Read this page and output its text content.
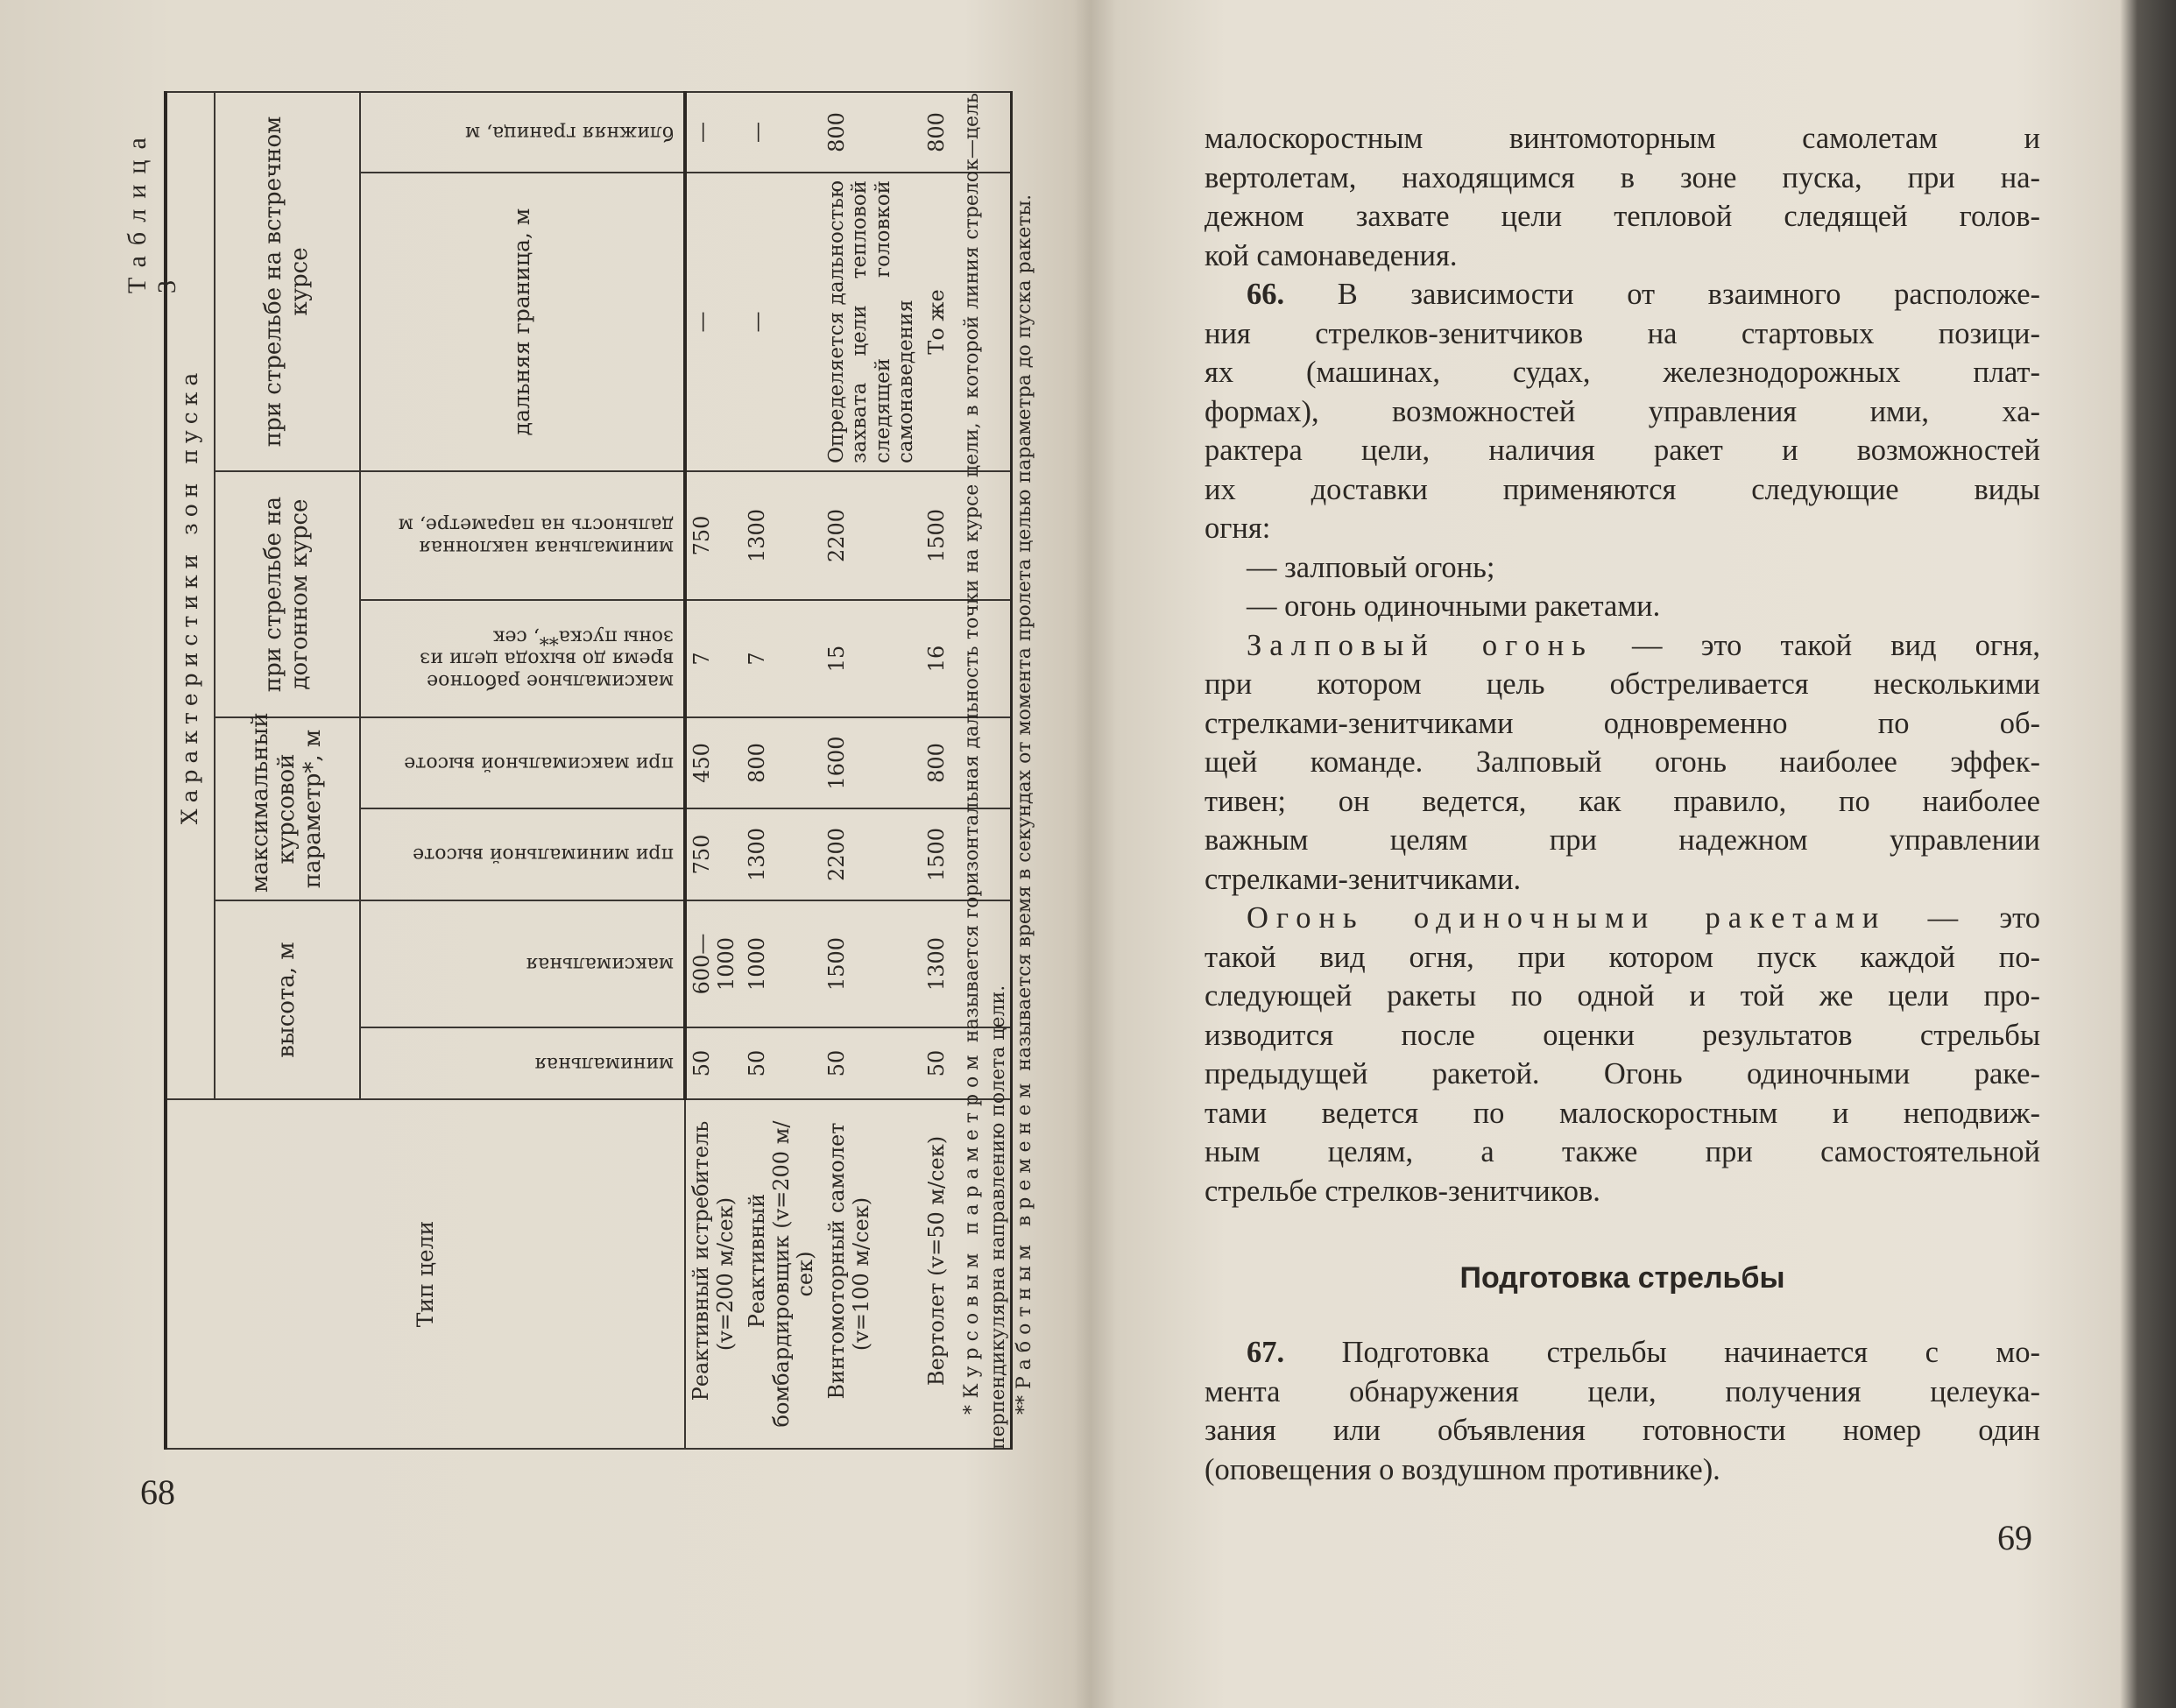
Таблица 3
Тип цели	Характеристики зон пуска							
	высота, м		максимальный курсовой параметр*, м		при стрельбе на догонном курсе		при стрельбе на встречном курсе	
	минимальная	максимальная	при минимальной высоте	при максимальной высоте	максимальное работное время до выхода цели из зоны пуска**, сек	минимальная наклонная дальность на параметре, м	дальняя граница, м	ближняя граница, м
Реактивный истребитель (v=200 м/сек)	50	600—1000	750	450	7	750	—	—
Реактивный бомбардировщик (v=200 м/сек)	50	1000	1300	800	7	1300	—	—
Винтомоторный самолет (v=100 м/сек)	50	1500	2200	1600	15	2200	Определяется дальностью захвата цели тепловой следящей головкой самонаведения	800
Вертолет (v=50 м/сек)	50	1300	1500	800	16	1500	То же	800

* Курсовым параметром называется горизонтальная дальность точки на курсе цели, в которой линия стрелок—цель перпендикулярна направлению полета цели. ** Работным временем называется время в секундах от момента пролета целью параметра до пуска ракеты.

68
малоскоростным винтомоторным самолетам и
вертолетам, находящимся в зоне пуска, при на-
дежном захвате цели тепловой следящей голов-
кой самонаведения.
66. В зависимости от взаимного расположе-
ния стрелков-зенитчиков на стартовых позици-
ях (машинах, судах, железнодорожных плат-
формах), возможностей управления ими, ха-
рактера цели, наличия ракет и возможностей
их доставки применяются следующие виды
огня:
— залповый огонь;
— огонь одиночными ракетами.
Залповый огонь — это такой вид огня,
при котором цель обстреливается несколькими
стрелками-зенитчиками одновременно по об-
щей команде. Залповый огонь наиболее эффек-
тивен; он ведется, как правило, по наиболее
важным целям при надежном управлении
стрелками-зенитчиками.
Огонь одиночными ракетами — это
такой вид огня, при котором пуск каждой по-
следующей ракеты по одной и той же цели про-
изводится после оценки результатов стрельбы
предыдущей ракетой. Огонь одиночными раке-
тами ведется по малоскоростным и неподвиж-
ным целям, а также при самостоятельной
стрельбе стрелков-зенитчиков.
Подготовка стрельбы
67. Подготовка стрельбы начинается с мо-
мента обнаружения цели, получения целеука-
зания или объявления готовности номер один
(оповещения о воздушном противнике).
69
